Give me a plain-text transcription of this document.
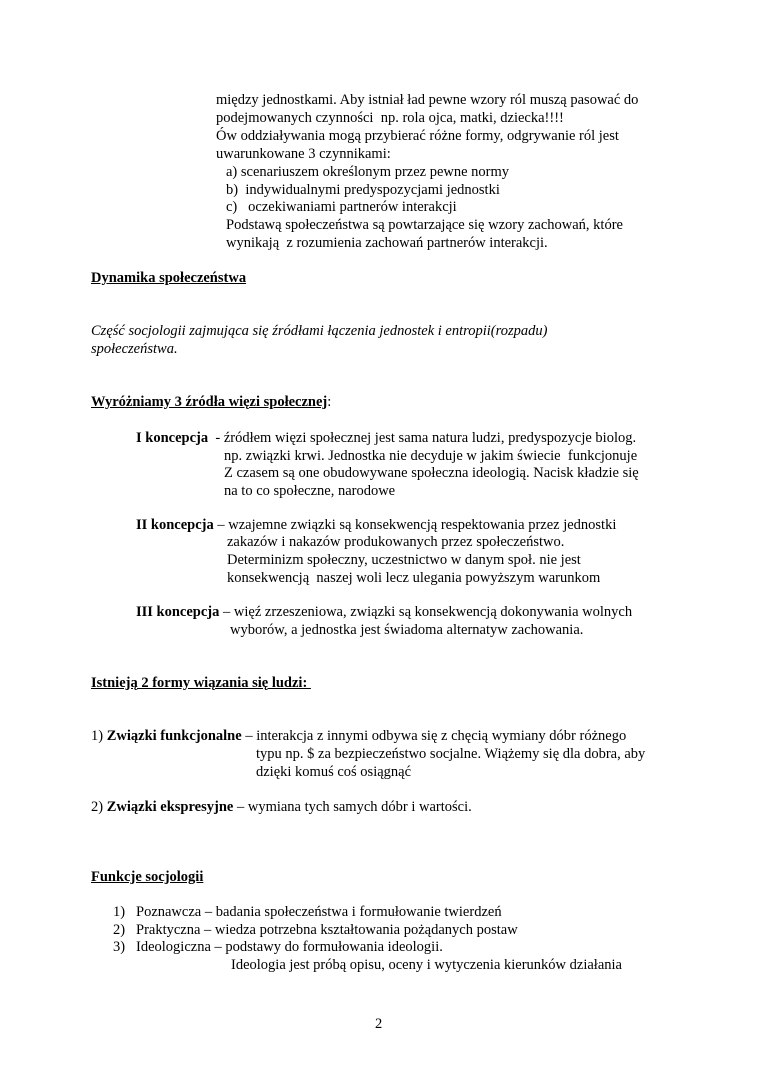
między jednostkami. Aby istniał ład pewne wzory ról muszą pasować do
podejmowanych czynności  np. rola ojca, matki, dziecka!!!!
Ów oddziaływania mogą przybierać różne formy, odgrywanie ról jest
uwarunkowane 3 czynnikami:
a) scenariuszem określonym przez pewne normy
b)  indywidualnymi predyspozycjami jednostki
c)   oczekiwaniami partnerów interakcji
Podstawą społeczeństwa są powtarzające się wzory zachowań, które
wynikają  z rozumienia zachowań partnerów interakcji.
Dynamika społeczeństwa
Część socjologii zajmująca się źródłami łączenia jednostek i entropii(rozpadu)
społeczeństwa.
Wyróżniamy 3 źródła więzi społecznej:
I koncepcja  - źródłem więzi społecznej jest sama natura ludzi, predyspozycje biolog.
np. związki krwi. Jednostka nie decyduje w jakim świecie  funkcjonuje
Z czasem są one obudowywane społeczna ideologią. Nacisk kładzie się
na to co społeczne, narodowe
II koncepcja – wzajemne związki są konsekwencją respektowania przez jednostki
zakazów i nakazów produkowanych przez społeczeństwo.
Determinizm społeczny, uczestnictwo w danym społ. nie jest
konsekwencją  naszej woli lecz ulegania powyższym warunkom
III koncepcja – więź zrzeszeniowa, związki są konsekwencją dokonywania wolnych
wyborów, a jednostka jest świadoma alternatyw zachowania.
Istnieją 2 formy wiązania się ludzi:
1) Związki funkcjonalne – interakcja z innymi odbywa się z chęcią wymiany dóbr różnego
typu np. $ za bezpieczeństwo socjalne. Wiążemy się dla dobra, aby
dzięki komuś coś osiągnąć
2) Związki ekspresyjne – wymiana tych samych dóbr i wartości.
Funkcje socjologii
1) Poznawcza – badania społeczeństwa i formułowanie twierdzeń
2) Praktyczna – wiedza potrzebna kształtowania pożądanych postaw
3) Ideologiczna – podstawy do formułowania ideologii.
Ideologia jest próbą opisu, oceny i wytyczenia kierunków działania
2
